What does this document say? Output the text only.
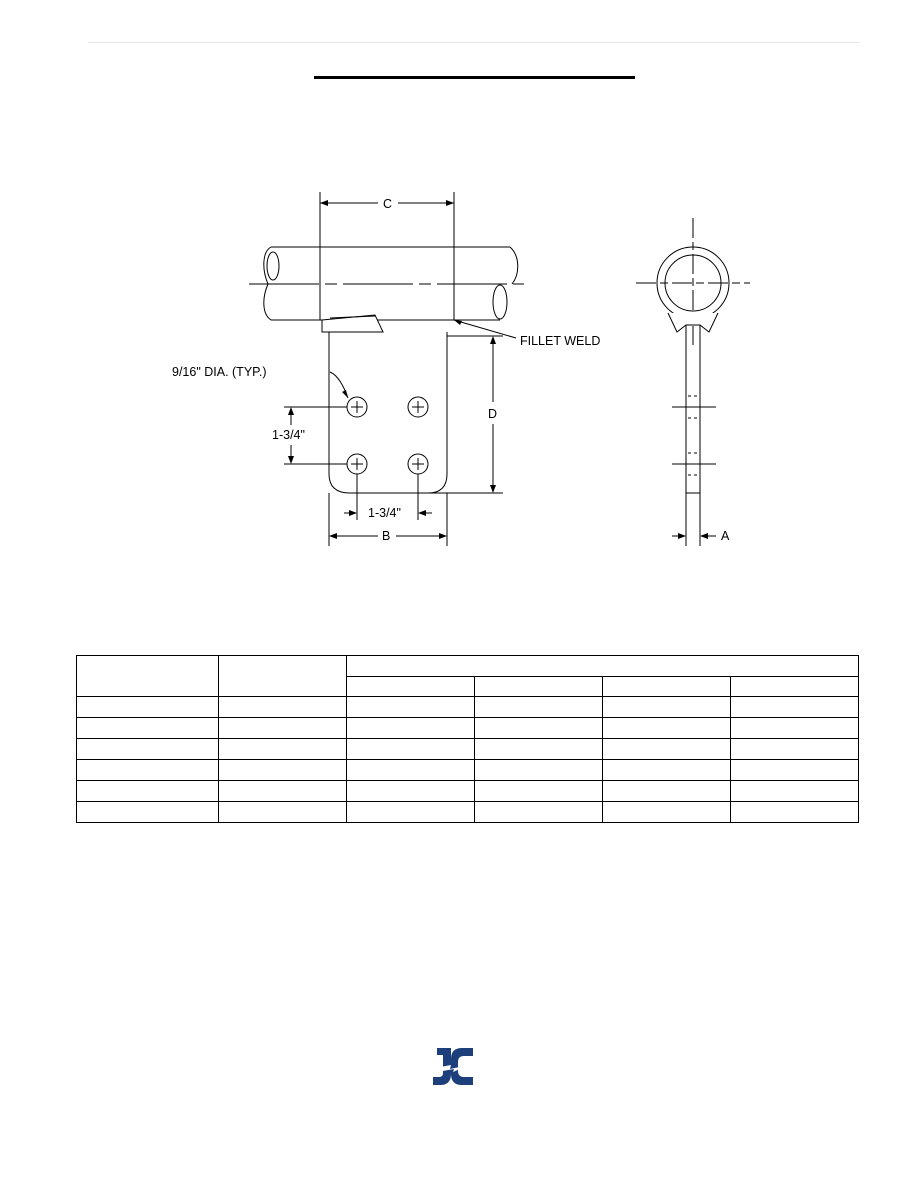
C
FILLET WELD
9/16" DIA. (TYP.)
D
1-3/4"
1-3/4"
B	A
